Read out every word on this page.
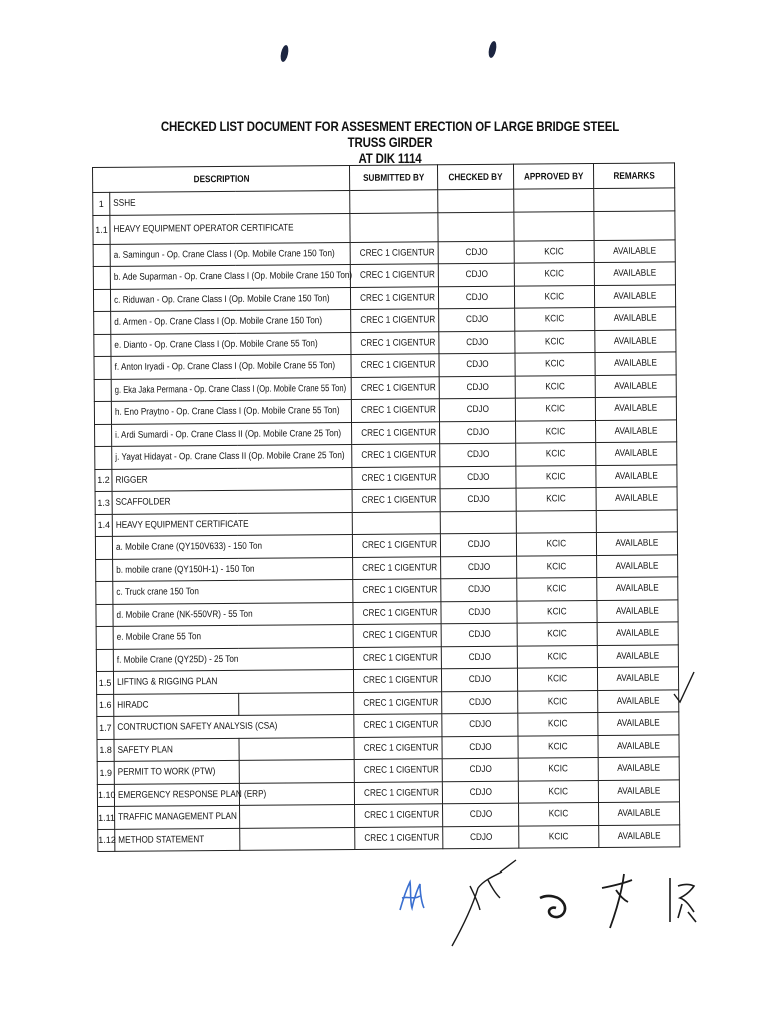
CHECKED LIST DOCUMENT FOR ASSESMENT ERECTION OF LARGE BRIDGE STEEL TRUSS GIRDER
AT DIK 1114
DESCRIPTION			SUBMITTED BY	CHECKED BY	APPROVED BY	REMARKS
1	SSHE					
1.1	HEAVY EQUIPMENT OPERATOR CERTIFICATE					
	a. Samingun - Op. Crane Class I (Op. Mobile Crane 150 Ton)		CREC 1 CIGENTUR	CDJO	KCIC	AVAILABLE
	b. Ade Suparman - Op. Crane Class I (Op. Mobile Crane 150 Ton)		CREC 1 CIGENTUR	CDJO	KCIC	AVAILABLE
	c. Riduwan - Op. Crane Class I (Op. Mobile Crane 150 Ton)		CREC 1 CIGENTUR	CDJO	KCIC	AVAILABLE
	d. Armen - Op. Crane Class I (Op. Mobile Crane 150 Ton)		CREC 1 CIGENTUR	CDJO	KCIC	AVAILABLE
	e. Dianto - Op. Crane Class I (Op. Mobile Crane 55 Ton)		CREC 1 CIGENTUR	CDJO	KCIC	AVAILABLE
	f. Anton Iryadi - Op. Crane Class I (Op. Mobile Crane 55 Ton)		CREC 1 CIGENTUR	CDJO	KCIC	AVAILABLE
	g. Eka Jaka Permana - Op. Crane Class I (Op. Mobile Crane 55 Ton)		CREC 1 CIGENTUR	CDJO	KCIC	AVAILABLE
	h. Eno Praytno - Op. Crane Class I (Op. Mobile Crane 55 Ton)		CREC 1 CIGENTUR	CDJO	KCIC	AVAILABLE
	i. Ardi Sumardi - Op. Crane Class II (Op. Mobile Crane 25 Ton)		CREC 1 CIGENTUR	CDJO	KCIC	AVAILABLE
	j. Yayat Hidayat - Op. Crane Class II (Op. Mobile Crane 25 Ton)		CREC 1 CIGENTUR	CDJO	KCIC	AVAILABLE
1.2	RIGGER		CREC 1 CIGENTUR	CDJO	KCIC	AVAILABLE
1.3	SCAFFOLDER		CREC 1 CIGENTUR	CDJO	KCIC	AVAILABLE
1.4	HEAVY EQUIPMENT CERTIFICATE					
	a. Mobile Crane (QY150V633) - 150 Ton		CREC 1 CIGENTUR	CDJO	KCIC	AVAILABLE
	b. mobile crane (QY150H-1) - 150 Ton		CREC 1 CIGENTUR	CDJO	KCIC	AVAILABLE
	c. Truck crane 150 Ton		CREC 1 CIGENTUR	CDJO	KCIC	AVAILABLE
	d. Mobile Crane (NK-550VR) - 55 Ton		CREC 1 CIGENTUR	CDJO	KCIC	AVAILABLE
	e. Mobile Crane 55 Ton		CREC 1 CIGENTUR	CDJO	KCIC	AVAILABLE
	f. Mobile Crane (QY25D) - 25 Ton		CREC 1 CIGENTUR	CDJO	KCIC	AVAILABLE
1.5	LIFTING & RIGGING PLAN		CREC 1 CIGENTUR	CDJO	KCIC	AVAILABLE
1.6	HIRADC		CREC 1 CIGENTUR	CDJO	KCIC	AVAILABLE
1.7	CONTRUCTION SAFETY ANALYSIS (CSA)		CREC 1 CIGENTUR	CDJO	KCIC	AVAILABLE
1.8	SAFETY PLAN		CREC 1 CIGENTUR	CDJO	KCIC	AVAILABLE
1.9	PERMIT TO WORK (PTW)		CREC 1 CIGENTUR	CDJO	KCIC	AVAILABLE
1.10	EMERGENCY RESPONSE PLAN (ERP)		CREC 1 CIGENTUR	CDJO	KCIC	AVAILABLE
1.11	TRAFFIC MANAGEMENT PLAN		CREC 1 CIGENTUR	CDJO	KCIC	AVAILABLE
1.12	METHOD STATEMENT		CREC 1 CIGENTUR	CDJO	KCIC	AVAILABLE
